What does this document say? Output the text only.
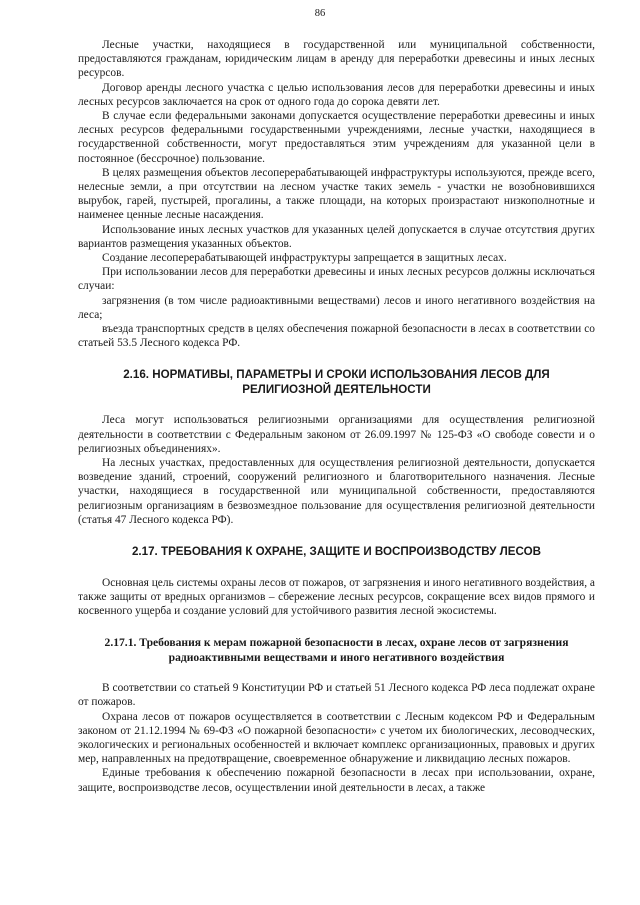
86

Лесные участки, находящиеся в государственной или муниципальной собственности, предоставляются гражданам, юридическим лицам в аренду для переработки древесины и иных лесных ресурсов.

Договор аренды лесного участка с целью использования лесов для переработки древесины и иных лесных ресурсов заключается на срок от одного года до сорока девяти лет.

В случае если федеральными законами допускается осуществление переработки древесины и иных лесных ресурсов федеральными государственными учреждениями, лесные участки, находящиеся в государственной собственности, могут предоставляться этим учреждениям для указанной цели в постоянное (бессрочное) пользование.

В целях размещения объектов лесоперерабатывающей инфраструктуры используются, прежде всего, нелесные земли, а при отсутствии на лесном участке таких земель - участки не возобновившихся вырубок, гарей, пустырей, прогалины, а также площади, на которых произрастают низкополнотные и наименее ценные лесные насаждения.

Использование иных лесных участков для указанных целей допускается в случае отсутствия других вариантов размещения указанных объектов.

Создание лесоперерабатывающей инфраструктуры запрещается в защитных лесах.

При использовании лесов для переработки древесины и иных лесных ресурсов должны исключаться случаи:

загрязнения (в том числе радиоактивными веществами) лесов и иного негативного воздействия на леса;

въезда транспортных средств в целях обеспечения пожарной безопасности в лесах в соответствии со статьей 53.5 Лесного кодекса РФ.

2.16. НОРМАТИВЫ, ПАРАМЕТРЫ И СРОКИ ИСПОЛЬЗОВАНИЯ ЛЕСОВ ДЛЯ РЕЛИГИОЗНОЙ ДЕЯТЕЛЬНОСТИ

Леса могут использоваться религиозными организациями для осуществления религиозной деятельности в соответствии с Федеральным законом от 26.09.1997 № 125-ФЗ «О свободе совести и о религиозных объединениях».

На лесных участках, предоставленных для осуществления религиозной деятельности, допускается возведение зданий, строений, сооружений религиозного и благотворительного назначения. Лесные участки, находящиеся в государственной или муниципальной собственности, предоставляются религиозным организациям в безвозмездное пользование для осуществления религиозной деятельности (статья 47 Лесного кодекса РФ).

2.17. ТРЕБОВАНИЯ К ОХРАНЕ, ЗАЩИТЕ И ВОСПРОИЗВОДСТВУ ЛЕСОВ

Основная цель системы охраны лесов от пожаров, от загрязнения и иного негативного воздействия, а также защиты от вредных организмов – сбережение лесных ресурсов, сокращение всех видов прямого и косвенного ущерба и создание условий для устойчивого развития лесной экосистемы.

2.17.1. Требования к мерам пожарной безопасности в лесах, охране лесов от загрязнения радиоактивными веществами и иного негативного воздействия

В соответствии со статьей 9 Конституции РФ и статьей 51 Лесного кодекса РФ леса подлежат охране от пожаров.

Охрана лесов от пожаров осуществляется в соответствии с Лесным кодексом РФ и Федеральным законом от 21.12.1994 № 69-ФЗ «О пожарной безопасности» с учетом их биологических, лесоводческих, экологических и региональных особенностей и включает комплекс организационных, правовых и других мер, направленных на предотвращение, своевременное обнаружение и ликвидацию лесных пожаров.

Единые требования к обеспечению пожарной безопасности в лесах при использовании, охране, защите, воспроизводстве лесов, осуществлении иной деятельности в лесах, а также
